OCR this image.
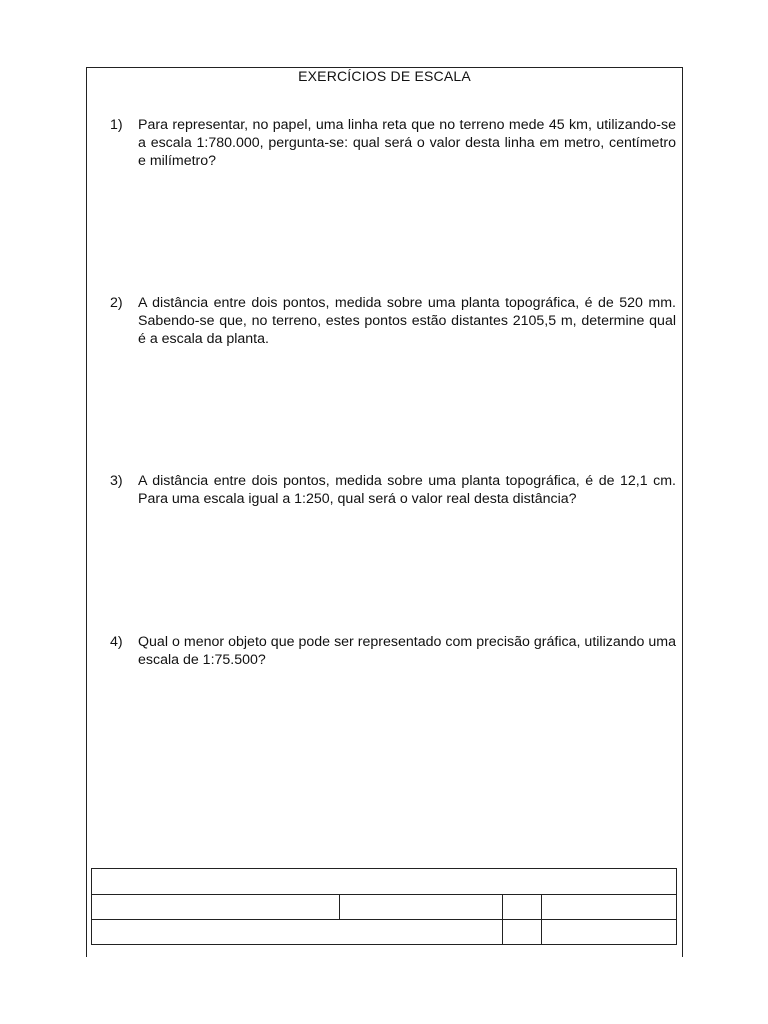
EXERCÍCIOS DE ESCALA
1)	Para representar, no papel, uma linha reta que no terreno mede 45 km, utilizando-se a escala 1:780.000, pergunta-se: qual será o valor desta linha em metro, centímetro e milímetro?
2)	A distância entre dois pontos, medida sobre uma planta topográfica, é de 520 mm. Sabendo-se que, no terreno, estes pontos estão distantes 2105,5 m, determine qual é a escala da planta.
3)	A distância entre dois pontos, medida sobre uma planta topográfica, é de 12,1 cm. Para uma escala igual a 1:250, qual será o valor real desta distância?
4)	Qual o menor objeto que pode ser representado com precisão gráfica, utilizando uma escala de 1:75.500?
